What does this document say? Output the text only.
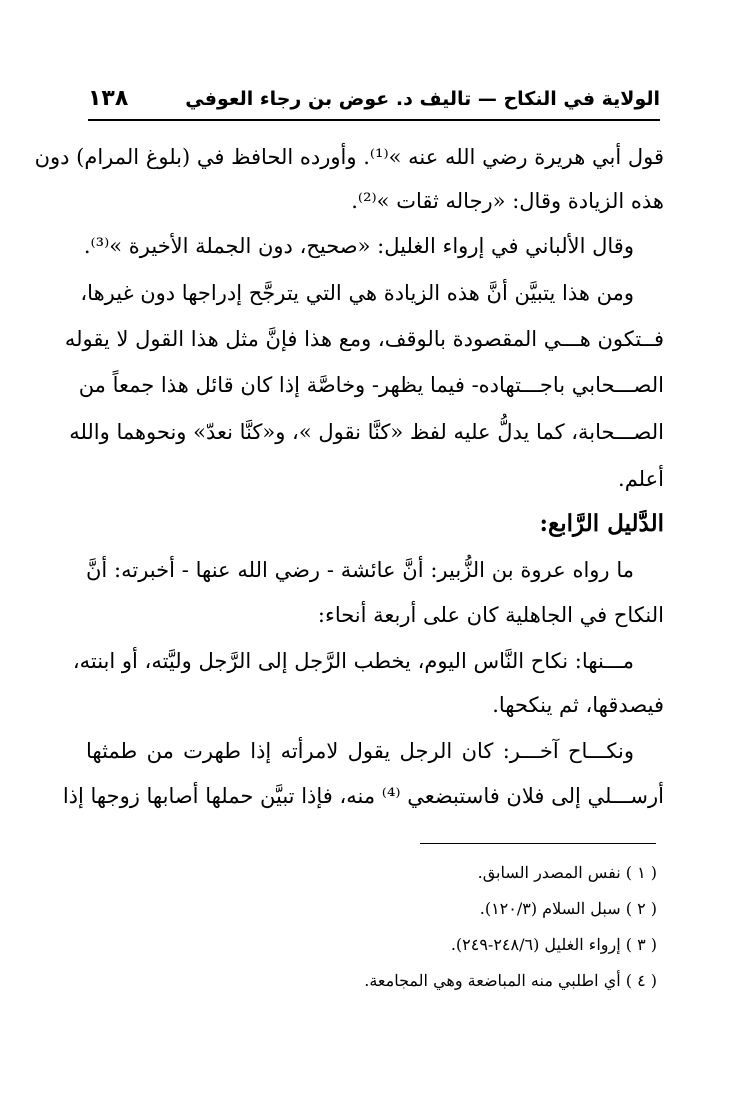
الولاية في النكاح — تاليف د. عوض بن رجاء العوفي
١٣٨
قول أبي هريرة رضي الله عنه »⁽¹⁾. وأورده الحافظ في (بلوغ المرام) دون
هذه الزيادة وقال: «رجاله ثقات »⁽²⁾.
وقال الألباني في إرواء الغليل: «صحيح، دون الجملة الأخيرة »⁽³⁾.
ومن هذا يتبيَّن أنَّ هذه الزيادة هي التي يترجَّح إدراجها دون غيرها،
فــتكون هـــي المقصودة بالوقف، ومع هذا فإنَّ مثل هذا القول لا يقوله
الصـــحابي باجـــتهاده- فيما يظهر- وخاصَّة إذا كان قائل هذا جمعاً من
الصـــحابة، كما يدلُّ عليه لفظ «كنَّا نقول »، و«كنَّا نعدّ» ونحوهما والله
أعلم.
الدَّليل الرَّابع:
ما رواه عروة بن الزُّبير: أنَّ عائشة - رضي الله عنها - أخبرته: أنَّ
النكاح في الجاهلية كان على أربعة أنحاء:
مـــنها: نكاح النَّاس اليوم، يخطب الرَّجل إلى الرَّجل وليَّته، أو ابنته،
فيصدقها، ثم ينكحها.
ونكـــاح آخـــر: كان الرجل يقول لامرأته إذا طهرت من طمثها
أرســـلي إلى فلان فاستبضعي ⁽⁴⁾ منه، فإذا تبيَّن حملها أصابها زوجها إذا
( ١ ) نفس المصدر السابق.
( ٢ ) سبل السلام (١٢٠/٣).
( ٣ ) إرواء الغليل (٢٤٨/٦-٢٤٩).
( ٤ ) أي اطلبي منه المباضعة وهي المجامعة.
